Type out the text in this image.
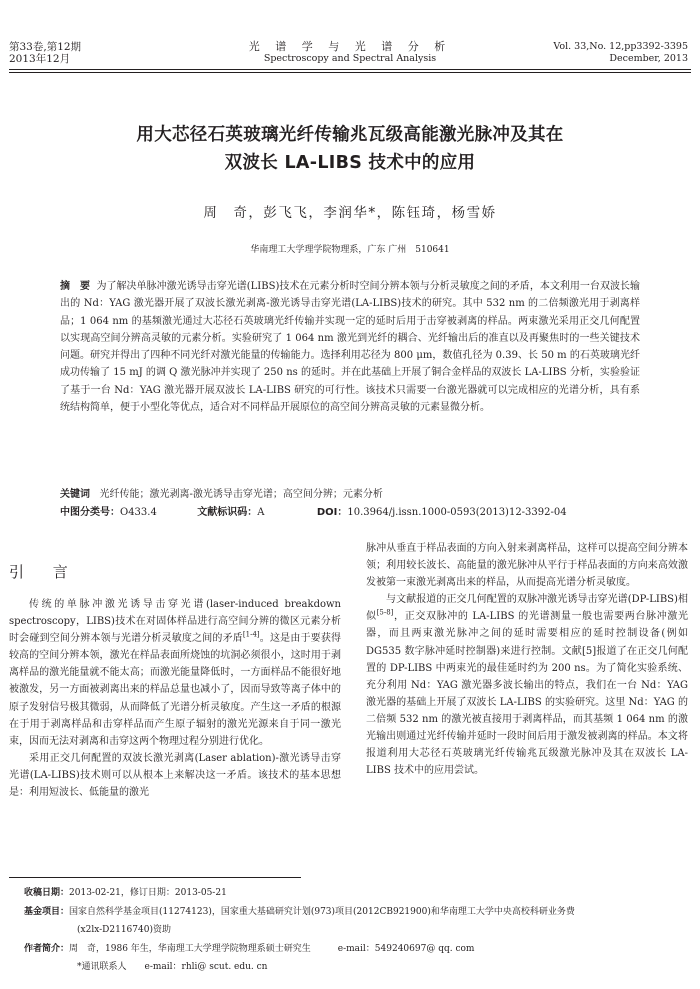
第33卷,第12期
2013年12月
光 谱 学 与 光 谱 分 析
Spectroscopy and Spectral Analysis
Vol. 33,No. 12,pp3392-3395
December, 2013
用大芯径石英玻璃光纤传输兆瓦级高能激光脉冲及其在
双波长 LA-LIBS 技术中的应用
周　奇，彭飞飞，李润华*，陈钰琦，杨雪娇
华南理工大学理学院物理系，广东 广州　510641
摘　要 为了解决单脉冲激光诱导击穿光谱(LIBS)技术在元素分析时空间分辨本领与分析灵敏度之间的矛盾，本文利用一台双波长输出的 Nd：YAG 激光器开展了双波长激光剥离-激光诱导击穿光谱(LA-LIBS)技术的研究。其中 532 nm 的二倍频激光用于剥离样品；1 064 nm 的基频激光通过大芯径石英玻璃光纤传输并实现一定的延时后用于击穿被剥离的样品。两束激光采用正交几何配置以实现高空间分辨高灵敏的元素分析。实验研究了 1 064 nm 激光到光纤的耦合、光纤输出后的准直以及再聚焦时的一些关键技术问题。研究并得出了四种不同光纤对激光能量的传输能力。选择利用芯径为 800 μm，数值孔径为 0.39、长 50 m 的石英玻璃光纤成功传输了 15 mJ 的调 Q 激光脉冲并实现了 250 ns 的延时。并在此基础上开展了铜合金样品的双波长 LA-LIBS 分析，实验验证了基于一台 Nd：YAG 激光器开展双波长 LA-LIBS 研究的可行性。该技术只需要一台激光器就可以完成相应的光谱分析，具有系统结构简单，便于小型化等优点，适合对不同样品开展原位的高空间分辨高灵敏的元素显微分析。
关键词 光纤传能；激光剥离-激光诱导击穿光谱；高空间分辨；元素分析
中图分类号：O433.4	文献标识码：A	DOI：10.3964/j.issn.1000-0593(2013)12-3392-04
引 言

传统的单脉冲激光诱导击穿光谱(laser-induced breakdown spectroscopy，LIBS)技术在对固体样品进行高空间分辨的微区元素分析时会碰到空间分辨本领与光谱分析灵敏度之间的矛盾[1-4]。这是由于要获得较高的空间分辨本领，激光在样品表面所烧蚀的坑洞必须很小，这时用于剥离样品的激光能量就不能太高；而激光能量降低时，一方面样品不能很好地被激发，另一方面被剥离出来的样品总量也减小了，因而导致等离子体中的原子发射信号极其微弱，从而降低了光谱分析灵敏度。产生这一矛盾的根源在于用于剥离样品和击穿样品而产生原子辐射的激光光源来自于同一激光束，因而无法对剥离和击穿这两个物理过程分别进行优化。

采用正交几何配置的双波长激光剥离(Laser ablation)-激光诱导击穿光谱(LA-LIBS)技术则可以从根本上来解决这一矛盾。该技术的基本思想是：利用短波长、低能量的激光

脉冲从垂直于样品表面的方向入射来剥离样品，这样可以提高空间分辨本领；利用较长波长、高能量的激光脉冲从平行于样品表面的方向来高效激发被第一束激光剥离出来的样品，从而提高光谱分析灵敏度。

与文献报道的正交几何配置的双脉冲激光诱导击穿光谱(DP-LIBS)相似[5-8]，正交双脉冲的 LA-LIBS 的光谱测量一般也需要两台脉冲激光器，而且两束激光脉冲之间的延时需要相应的延时控制设备(例如 DG535 数字脉冲延时控制器)来进行控制。文献[5]报道了在正交几何配置的 DP-LIBS 中两束光的最佳延时约为 200 ns。为了简化实验系统、充分利用 Nd：YAG 激光器多波长输出的特点，我们在一台 Nd：YAG 激光器的基础上开展了双波长 LA-LIBS 的实验研究。这里 Nd：YAG 的二倍频 532 nm 的激光被直接用于剥离样品，而其基频 1 064 nm 的激光输出则通过光纤传输并延时一段时间后用于激发被剥离的样品。本文将报道利用大芯径石英玻璃光纤传输兆瓦级激光脉冲及其在双波长 LA-LIBS 技术中的应用尝试。

收稿日期：2013-02-21，修订日期：2013-05-21
基金项目：国家自然科学基金项目(11274123)，国家重大基础研究计划(973)项目(2012CB921900)和华南理工大学中央高校科研业务费
(x2lx-D2116740)资助
作者简介：周　奇，1986 年生，华南理工大学理学院物理系硕士研究生　　　e-mail：549240697@ qq. com
*通讯联系人　　e-mail：rhli@ scut. edu. cn
